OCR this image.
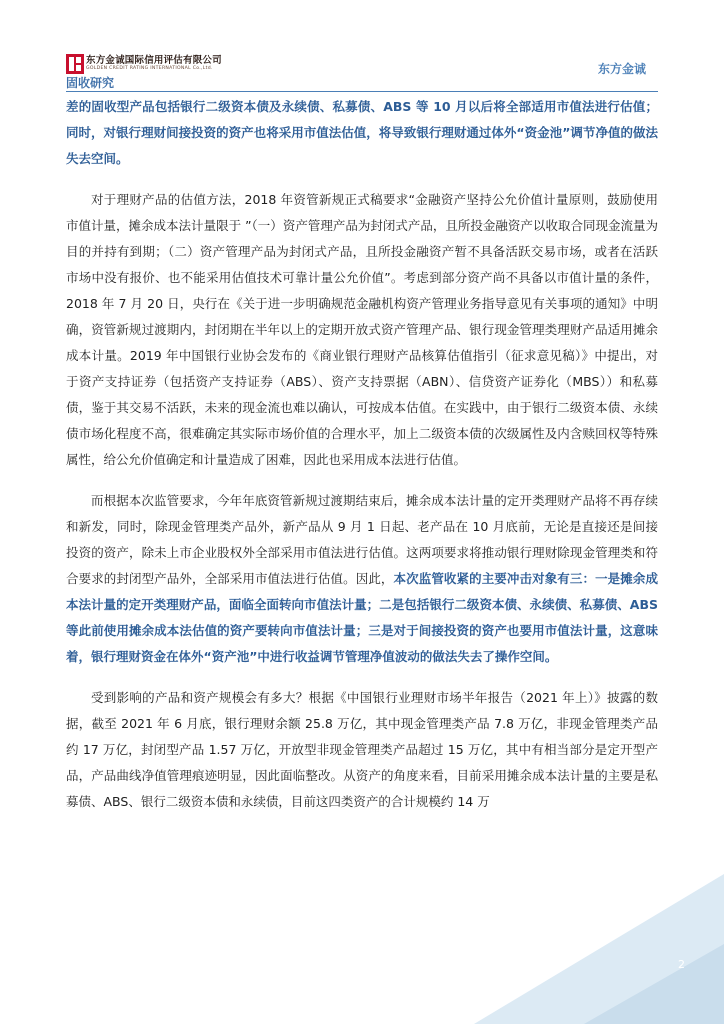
东方金诚国际信用评估有限公司
GOLDEN CREDIT RATING INTERNATIONAL Co.,Ltd.	东方金诚
固收研究

差的固收型产品包括银行二级资本债及永续债、私募债、ABS 等 10 月以后将全部适用市值法进行估值；同时，对银行理财间接投资的资产也将采用市值法估值，将导致银行理财通过体外“资金池”调节净值的做法失去空间。

对于理财产品的估值方法，2018 年资管新规正式稿要求“金融资产坚持公允价值计量原则，鼓励使用市值计量，摊余成本法计量限于 ”（一）资产管理产品为封闭式产品，且所投金融资产以收取合同现金流量为目的并持有到期；（二）资产管理产品为封闭式产品，且所投金融资产暂不具备活跃交易市场，或者在活跃市场中没有报价、也不能采用估值技术可靠计量公允价值”。考虑到部分资产尚不具备以市值计量的条件，2018 年 7 月 20 日，央行在《关于进一步明确规范金融机构资产管理业务指导意见有关事项的通知》中明确，资管新规过渡期内，封闭期在半年以上的定期开放式资产管理产品、银行现金管理类理财产品适用摊余成本计量。2019 年中国银行业协会发布的《商业银行理财产品核算估值指引（征求意见稿）》中提出，对于资产支持证券（包括资产支持证券（ABS）、资产支持票据（ABN）、信贷资产证券化（MBS））和私募债，鉴于其交易不活跃，未来的现金流也难以确认，可按成本估值。在实践中，由于银行二级资本债、永续债市场化程度不高，很难确定其实际市场价值的合理水平，加上二级资本债的次级属性及内含赎回权等特殊属性，给公允价值确定和计量造成了困难，因此也采用成本法进行估值。

而根据本次监管要求，今年年底资管新规过渡期结束后，摊余成本法计量的定开类理财产品将不再存续和新发，同时，除现金管理类产品外，新产品从 9 月 1 日起、老产品在 10 月底前，无论是直接还是间接投资的资产，除未上市企业股权外全部采用市值法进行估值。这两项要求将推动银行理财除现金管理类和符合要求的封闭型产品外，全部采用市值法进行估值。因此，本次监管收紧的主要冲击对象有三：一是摊余成本法计量的定开类理财产品，面临全面转向市值法计量；二是包括银行二级资本债、永续债、私募债、ABS 等此前使用摊余成本法估值的资产要转向市值法计量；三是对于间接投资的资产也要用市值法计量，这意味着，银行理财资金在体外“资产池”中进行收益调节管理净值波动的做法失去了操作空间。

受到影响的产品和资产规模会有多大？根据《中国银行业理财市场半年报告（2021 年上）》披露的数据，截至 2021 年 6 月底，银行理财余额 25.8 万亿，其中现金管理类产品 7.8 万亿，非现金管理类产品约 17 万亿，封闭型产品 1.57 万亿，开放型非现金管理类产品超过 15 万亿，其中有相当部分是定开型产品，产品曲线净值管理痕迹明显，因此面临整改。从资产的角度来看，目前采用摊余成本法计量的主要是私募债、ABS、银行二级资本债和永续债，目前这四类资产的合计规模约 14 万

2
